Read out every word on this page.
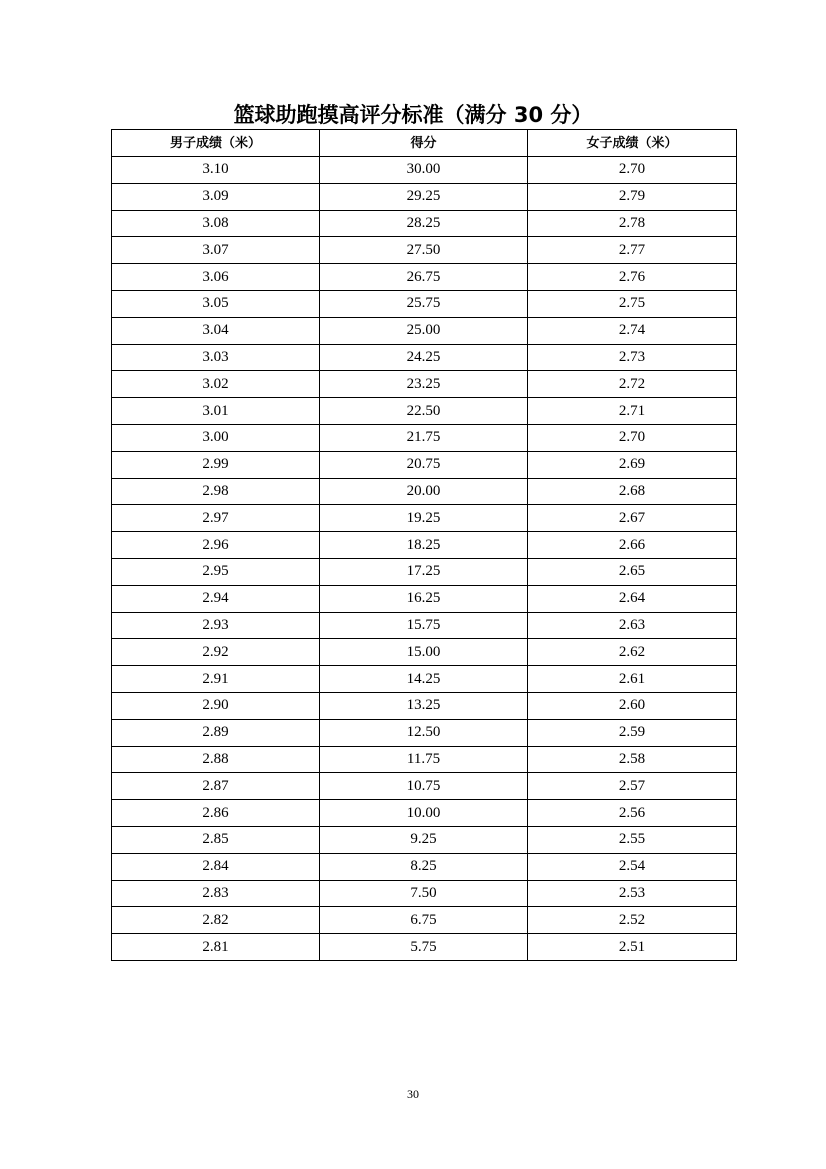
篮球助跑摸高评分标准（满分 30 分）
男子成绩（米）	得分	女子成绩（米）
3.10	30.00	2.70
3.09	29.25	2.79
3.08	28.25	2.78
3.07	27.50	2.77
3.06	26.75	2.76
3.05	25.75	2.75
3.04	25.00	2.74
3.03	24.25	2.73
3.02	23.25	2.72
3.01	22.50	2.71
3.00	21.75	2.70
2.99	20.75	2.69
2.98	20.00	2.68
2.97	19.25	2.67
2.96	18.25	2.66
2.95	17.25	2.65
2.94	16.25	2.64
2.93	15.75	2.63
2.92	15.00	2.62
2.91	14.25	2.61
2.90	13.25	2.60
2.89	12.50	2.59
2.88	11.75	2.58
2.87	10.75	2.57
2.86	10.00	2.56
2.85	9.25	2.55
2.84	8.25	2.54
2.83	7.50	2.53
2.82	6.75	2.52
2.81	5.75	2.51
30
